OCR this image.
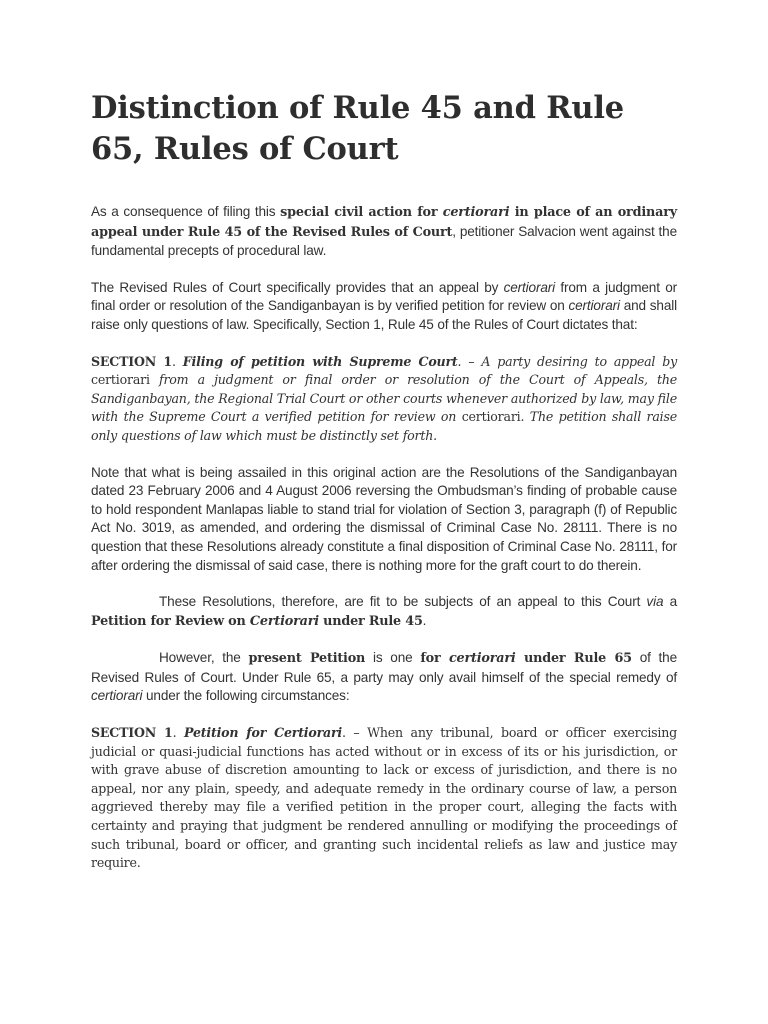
Distinction of Rule 45 and Rule 65, Rules of Court

As a consequence of filing this special civil action for certiorari in place of an ordinary appeal under Rule 45 of the Revised Rules of Court, petitioner Salvacion went against the fundamental precepts of procedural law.

The Revised Rules of Court specifically provides that an appeal by certiorari from a judgment or final order or resolution of the Sandiganbayan is by verified petition for review on certiorari and shall raise only questions of law. Specifically, Section 1, Rule 45 of the Rules of Court dictates that:

SECTION 1. Filing of petition with Supreme Court. – A party desiring to appeal by certiorari from a judgment or final order or resolution of the Court of Appeals, the Sandiganbayan, the Regional Trial Court or other courts whenever authorized by law, may file with the Supreme Court a verified petition for review on certiorari. The petition shall raise only questions of law which must be distinctly set forth.

Note that what is being assailed in this original action are the Resolutions of the Sandiganbayan dated 23 February 2006 and 4 August 2006 reversing the Ombudsman’s finding of probable cause to hold respondent Manlapas liable to stand trial for violation of Section 3, paragraph (f) of Republic Act No. 3019, as amended, and ordering the dismissal of Criminal Case No. 28111. There is no question that these Resolutions already constitute a final disposition of Criminal Case No. 28111, for after ordering the dismissal of said case, there is nothing more for the graft court to do therein.

These Resolutions, therefore, are fit to be subjects of an appeal to this Court via a Petition for Review on Certiorari under Rule 45.

However, the present Petition is one for certiorari under Rule 65 of the Revised Rules of Court. Under Rule 65, a party may only avail himself of the special remedy of certiorari under the following circumstances:

SECTION 1. Petition for Certiorari. – When any tribunal, board or officer exercising judicial or quasi-judicial functions has acted without or in excess of its or his jurisdiction, or with grave abuse of discretion amounting to lack or excess of jurisdiction, and there is no appeal, nor any plain, speedy, and adequate remedy in the ordinary course of law, a person aggrieved thereby may file a verified petition in the proper court, alleging the facts with certainty and praying that judgment be rendered annulling or modifying the proceedings of such tribunal, board or officer, and granting such incidental reliefs as law and justice may require.
